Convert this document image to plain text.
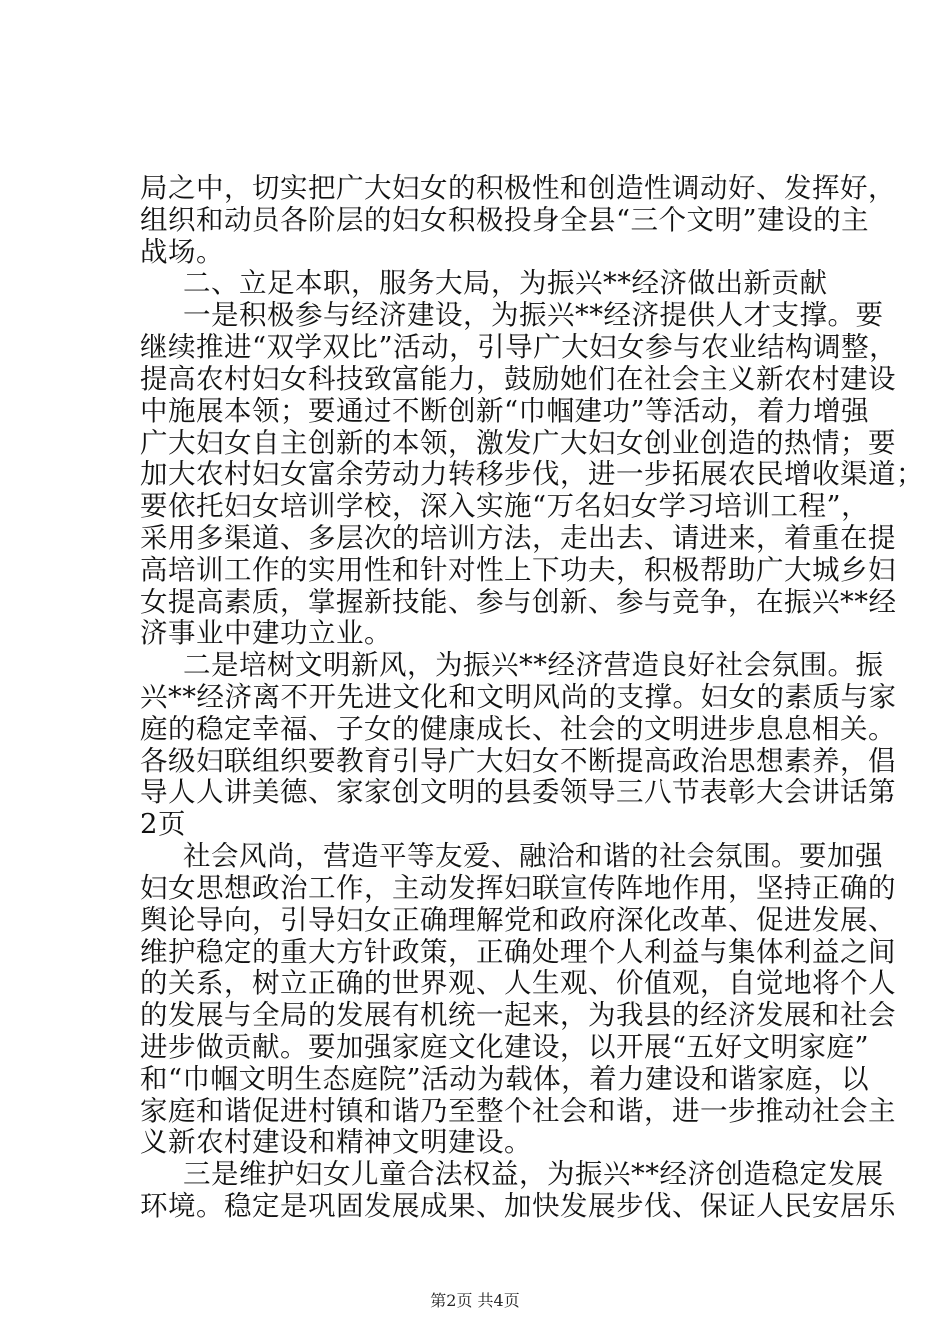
局之中，切实把广大妇女的积极性和创造性调动好、发挥好，
组织和动员各阶层的妇女积极投身全县“三个文明”建设的主
战场。
二、立足本职，服务大局，为振兴**经济做出新贡献
一是积极参与经济建设，为振兴**经济提供人才支撑。要
继续推进“双学双比”活动，引导广大妇女参与农业结构调整，
提高农村妇女科技致富能力，鼓励她们在社会主义新农村建设
中施展本领；要通过不断创新“巾帼建功”等活动，着力增强
广大妇女自主创新的本领，激发广大妇女创业创造的热情；要
加大农村妇女富余劳动力转移步伐，进一步拓展农民增收渠道；
要依托妇女培训学校，深入实施“万名妇女学习培训工程”，
采用多渠道、多层次的培训方法，走出去、请进来，着重在提
高培训工作的实用性和针对性上下功夫，积极帮助广大城乡妇
女提高素质，掌握新技能、参与创新、参与竞争，在振兴**经
济事业中建功立业。
二是培树文明新风，为振兴**经济营造良好社会氛围。振
兴**经济离不开先进文化和文明风尚的支撑。妇女的素质与家
庭的稳定幸福、子女的健康成长、社会的文明进步息息相关。
各级妇联组织要教育引导广大妇女不断提高政治思想素养，倡
导人人讲美德、家家创文明的县委领导三八节表彰大会讲话第
2页
社会风尚，营造平等友爱、融洽和谐的社会氛围。要加强
妇女思想政治工作，主动发挥妇联宣传阵地作用，坚持正确的
舆论导向，引导妇女正确理解党和政府深化改革、促进发展、
维护稳定的重大方针政策，正确处理个人利益与集体利益之间
的关系，树立正确的世界观、人生观、价值观，自觉地将个人
的发展与全局的发展有机统一起来，为我县的经济发展和社会
进步做贡献。要加强家庭文化建设，以开展“五好文明家庭”
和“巾帼文明生态庭院”活动为载体，着力建设和谐家庭，以
家庭和谐促进村镇和谐乃至整个社会和谐，进一步推动社会主
义新农村建设和精神文明建设。
第2页 共4页
三是维护妇女儿童合法权益，为振兴**经济创造稳定发展
环境。稳定是巩固发展成果、加快发展步伐、保证人民安居乐
